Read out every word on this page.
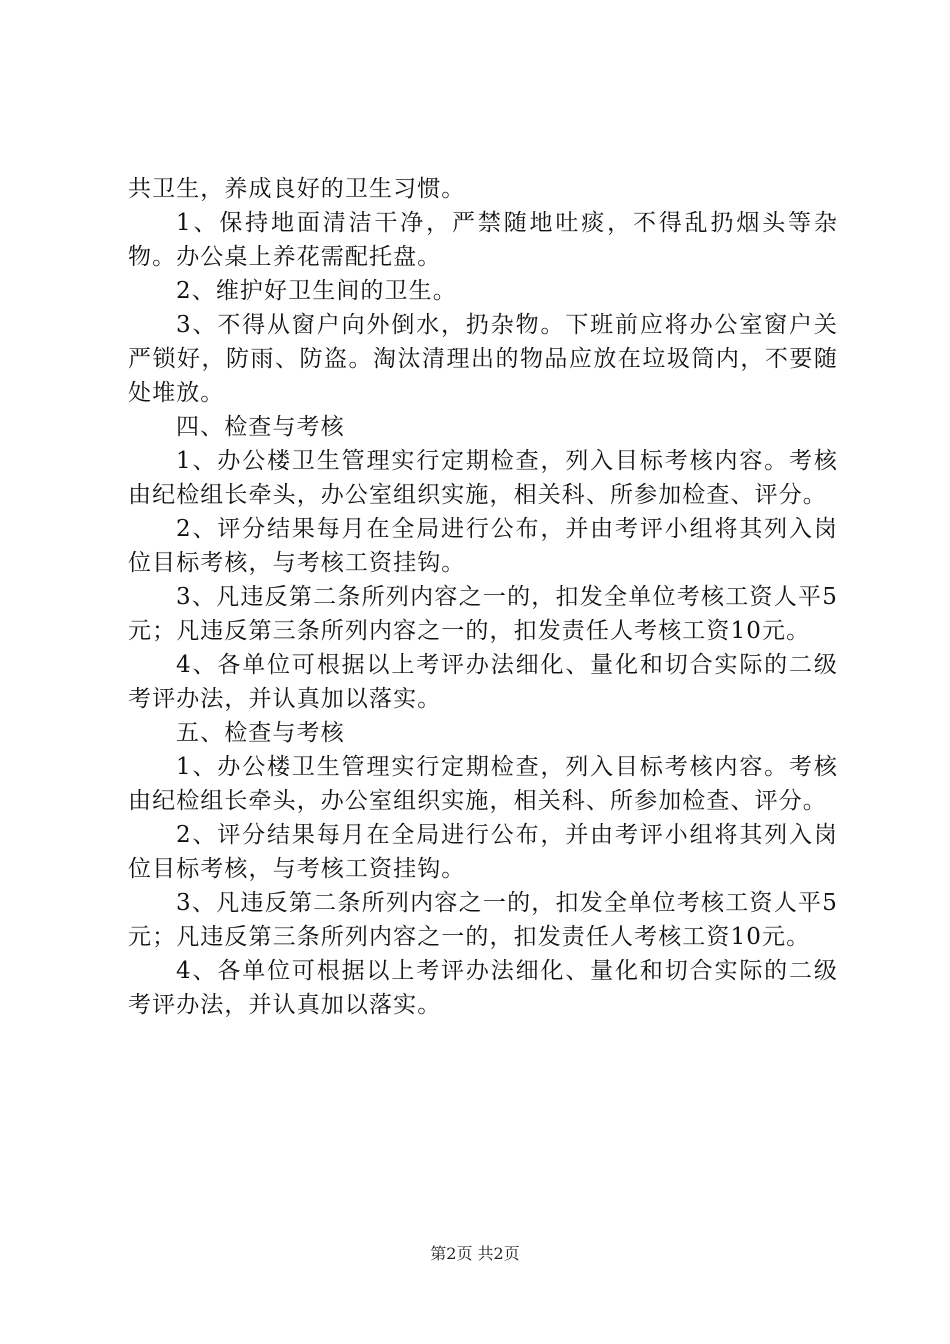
共卫生，养成良好的卫生习惯。

1、保持地面清洁干净，严禁随地吐痰，不得乱扔烟头等杂物。办公桌上养花需配托盘。

2、维护好卫生间的卫生。

3、不得从窗户向外倒水，扔杂物。下班前应将办公室窗户关严锁好，防雨、防盗。淘汰清理出的物品应放在垃圾筒内，不要随处堆放。

四、检查与考核

1、办公楼卫生管理实行定期检查，列入目标考核内容。考核由纪检组长牵头，办公室组织实施，相关科、所参加检查、评分。

2、评分结果每月在全局进行公布，并由考评小组将其列入岗位目标考核，与考核工资挂钩。

3、凡违反第二条所列内容之一的，扣发全单位考核工资人平5元；凡违反第三条所列内容之一的，扣发责任人考核工资10元。

4、各单位可根据以上考评办法细化、量化和切合实际的二级考评办法，并认真加以落实。

五、检查与考核

1、办公楼卫生管理实行定期检查，列入目标考核内容。考核由纪检组长牵头，办公室组织实施，相关科、所参加检查、评分。

2、评分结果每月在全局进行公布，并由考评小组将其列入岗位目标考核，与考核工资挂钩。

3、凡违反第二条所列内容之一的，扣发全单位考核工资人平5元；凡违反第三条所列内容之一的，扣发责任人考核工资10元。

4、各单位可根据以上考评办法细化、量化和切合实际的二级考评办法，并认真加以落实。

第2页 共2页
